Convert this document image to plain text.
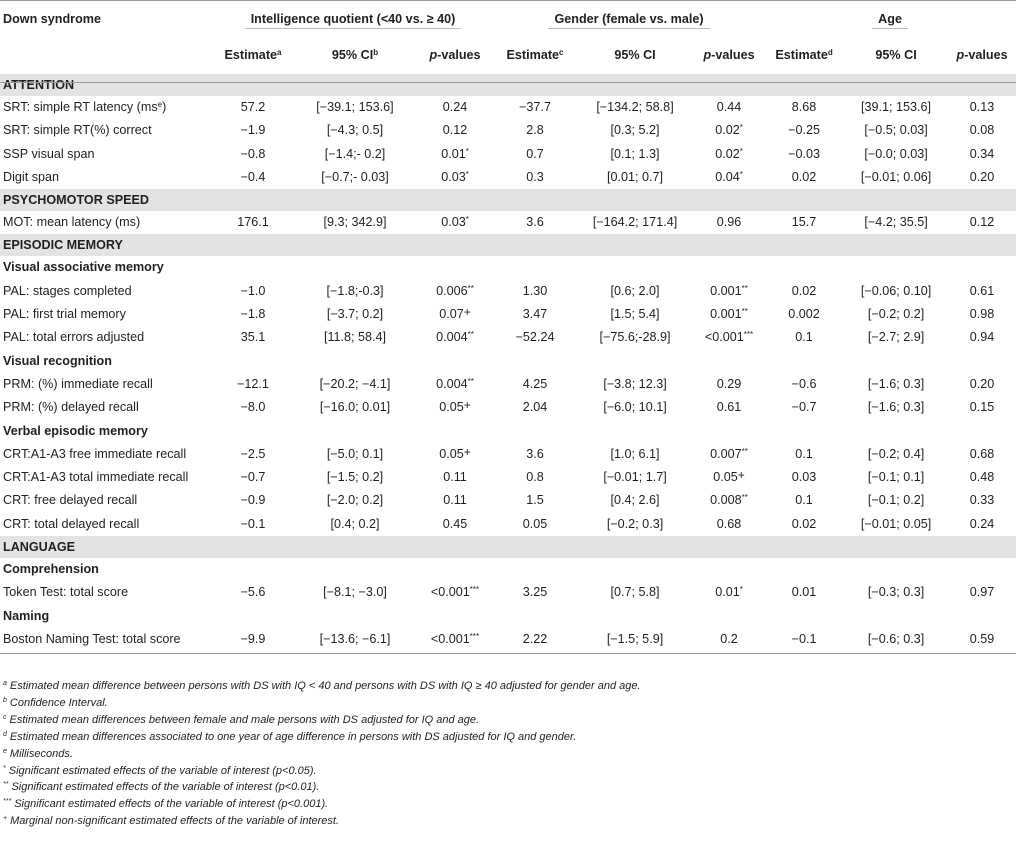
Down syndrome	Intelligence quotient (<40 vs. ≥ 40)			Gender (female vs. male)			Age		
	Estimate$^a$	95% $CI^b$	p-values	Estimate$^c$	95% CI	p-values	Estimate$^d$	95% CI	p-values
ATTENTION									
SRT: simple RT latency $(ms^e)$	57.2	[−39.1; 153.6]	0.24	−37.7	[−134.2; 58.8]	0.44	8.68	[39.1; 153.6]	0.13
SRT: simple RT(%) correct	−1.9	[−4.3; 0.5]	0.12	2.8	[0.3; 5.2]	0.02*	−0.25	[−0.5; 0.03]	0.08
SSP visual span	−0.8	[−1.4;- 0.2]	0.01*	0.7	[0.1; 1.3]	0.02*	−0.03	[−0.0; 0.03]	0.34
Digit span	−0.4	[−0.7;- 0.03]	0.03*	0.3	[0.01; 0.7]	0.04*	0.02	[−0.01; 0.06]	0.20
PSYCHOMOTOR SPEED									
MOT: mean latency (ms)	176.1	[9.3; 342.9]	0.03*	3.6	[−164.2; 171.4]	0.96	15.7	[−4.2; 35.5]	0.12
EPISODIC MEMORY									
Visual associative memory									
PAL: stages completed	−1.0	[−1.8;-0.3]	0.006**	1.30	[0.6; 2.0]	0.001**	0.02	[−0.06; 0.10]	0.61
PAL: first trial memory	−1.8	[−3.7; 0.2]	0.07+	3.47	[1.5; 5.4]	0.001**	0.002	[−0.2; 0.2]	0.98
PAL: total errors adjusted	35.1	[11.8; 58.4]	0.004**	−52.24	[−75.6;-28.9]	<0.001***	0.1	[−2.7; 2.9]	0.94
Visual recognition									
PRM: (%) immediate recall	−12.1	[−20.2; −4.1]	0.004**	4.25	[−3.8; 12.3]	0.29	−0.6	[−1.6; 0.3]	0.20
PRM: (%) delayed recall	−8.0	[−16.0; 0.01]	0.05+	2.04	[−6.0; 10.1]	0.61	−0.7	[−1.6; 0.3]	0.15
Verbal episodic memory									
CRT:A1-A3 free immediate recall	−2.5	[−5.0; 0.1]	0.05+	3.6	[1.0; 6.1]	0.007**	0.1	[−0.2; 0.4]	0.68
CRT:A1-A3 total immediate recall	−0.7	[−1.5; 0.2]	0.11	0.8	[−0.01; 1.7]	0.05+	0.03	[−0.1; 0.1]	0.48
CRT: free delayed recall	−0.9	[−2.0; 0.2]	0.11	1.5	[0.4; 2.6]	0.008**	0.1	[−0.1; 0.2]	0.33
CRT: total delayed recall	−0.1	[0.4; 0.2]	0.45	0.05	[−0.2; 0.3]	0.68	0.02	[−0.01; 0.05]	0.24
LANGUAGE									
Comprehension									
Token Test: total score	−5.6	[−8.1; −3.0]	<0.001***	3.25	[0.7; 5.8]	0.01*	0.01	[−0.3; 0.3]	0.97
Naming									
Boston Naming Test: total score	−9.9	[−13.6; −6.1]	<0.001***	2.22	[−1.5; 5.9]	0.2	−0.1	[−0.6; 0.3]	0.59
$^a$ Estimated mean difference between persons with DS with IQ < 40 and persons with DS with IQ ≥ 40 adjusted for gender and age.
$^b$ Confidence Interval.
$^c$ Estimated mean differences between female and male persons with DS adjusted for IQ and age.
$^d$ Estimated mean differences associated to one year of age difference in persons with DS adjusted for IQ and gender.
$^e$ Milliseconds.
* Significant estimated effects of the variable of interest (p<0.05).
** Significant estimated effects of the variable of interest (p<0.01).
*** Significant estimated effects of the variable of interest (p<0.001).
+ Marginal non-significant estimated effects of the variable of interest.
